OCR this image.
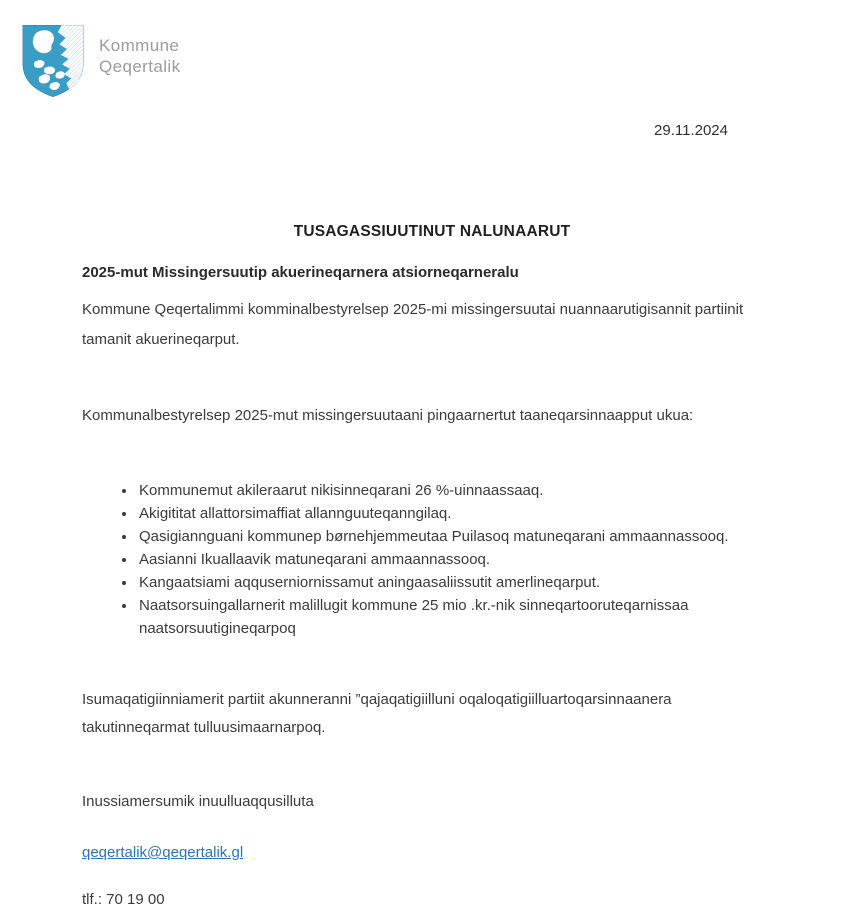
Kommune
Qeqertalik
29.11.2024

TUSAGASSIUUTINUT NALUNAARUT

2025-mut Missingersuutip akuerineqarnera atsiorneqarneralu

Kommune Qeqertalimmi komminalbestyrelsep 2025-mi missingersuutai nuannaarutigisannit partiinit tamanit akuerineqarput.

Kommunalbestyrelsep 2025-mut missingersuutaani pingaarnertut taaneqarsinnaapput ukua:

• Kommunemut akileraarut nikisinneqarani 26 %-uinnaassaaq.
• Akigititat allattorsimaffiat allannguuteqanngilaq.
• Qasigiannguani kommunep børnehjemmeutaa Puilasoq matuneqarani ammaannassooq.
• Aasianni Ikuallaavik matuneqarani ammaannassooq.
• Kangaatsiami aqquserniornissamut aningaasaliissutit amerlineqarput.
• Naatsorsuingallarnerit malillugit kommune 25 mio .kr.-nik sinneqartooruteqarnissaa naatsorsuutigineqarpoq

Isumaqatigiinniamerit partiit akunneranni ”qajaqatigiilluni oqaloqatigiilluartoqarsinnaanera takutinneqarmat tulluusimaarnarpoq.

Inussiamersumik inuulluaqqusilluta

qeqertalik@qeqertalik.gl

tlf.: 70 19 00
